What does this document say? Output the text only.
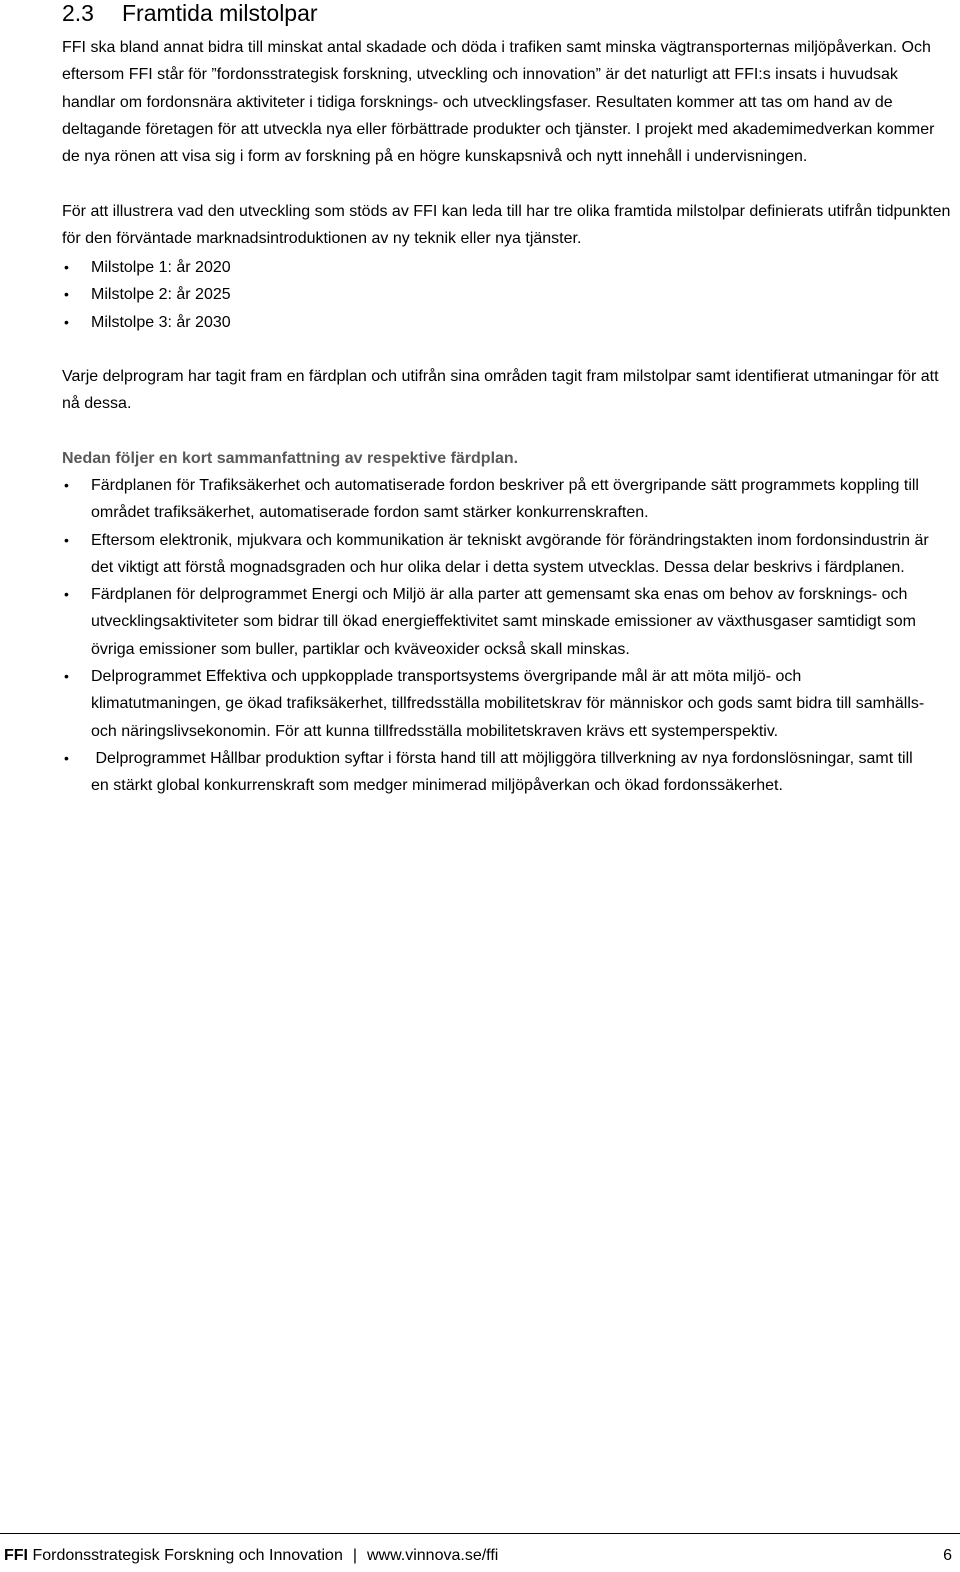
2.3 Framtida milstolpar

FFI ska bland annat bidra till minskat antal skadade och döda i trafiken samt minska vägtransporternas miljöpåverkan. Och eftersom FFI står för ”fordonsstrategisk forskning, utveckling och innovation” är det naturligt att FFI:s insats i huvudsak handlar om fordonsnära aktiviteter i tidiga forsknings- och utvecklingsfaser. Resultaten kommer att tas om hand av de deltagande företagen för att utveckla nya eller förbättrade produkter och tjänster. I projekt med akademimedverkan kommer de nya rönen att visa sig i form av forskning på en högre kunskapsnivå och nytt innehåll i undervisningen.

För att illustrera vad den utveckling som stöds av FFI kan leda till har tre olika framtida milstolpar definierats utifrån tidpunkten för den förväntade marknadsintroduktionen av ny teknik eller nya tjänster.

• Milstolpe 1: år 2020
• Milstolpe 2: år 2025
• Milstolpe 3: år 2030

Varje delprogram har tagit fram en färdplan och utifrån sina områden tagit fram milstolpar samt identifierat utmaningar för att nå dessa.

Nedan följer en kort sammanfattning av respektive färdplan.

• Färdplanen för Trafiksäkerhet och automatiserade fordon beskriver på ett övergripande sätt programmets koppling till området trafiksäkerhet, automatiserade fordon samt stärker konkurrenskraften.
• Eftersom elektronik, mjukvara och kommunikation är tekniskt avgörande för förändringstakten inom fordonsindustrin är det viktigt att förstå mognadsgraden och hur olika delar i detta system utvecklas. Dessa delar beskrivs i färdplanen.
• Färdplanen för delprogrammet Energi och Miljö är alla parter att gemensamt ska enas om behov av forsknings- och utvecklingsaktiviteter som bidrar till ökad energieffektivitet samt minskade emissioner av växthusgaser samtidigt som övriga emissioner som buller, partiklar och kväveoxider också skall minskas.
• Delprogrammet Effektiva och uppkopplade transportsystems övergripande mål är att möta miljö- och klimatutmaningen, ge ökad trafiksäkerhet, tillfredsställa mobilitetskrav för människor och gods samt bidra till samhälls- och näringslivsekonomin. För att kunna tillfredsställa mobilitetskraven krävs ett systemperspektiv.
• Delprogrammet Hållbar produktion syftar i första hand till att möjliggöra tillverkning av nya fordonslösningar, samt till en stärkt global konkurrenskraft som medger minimerad miljöpåverkan och ökad fordonssäkerhet.
FFI Fordonsstrategisk Forskning och Innovation | www.vinnova.se/ffi	6
